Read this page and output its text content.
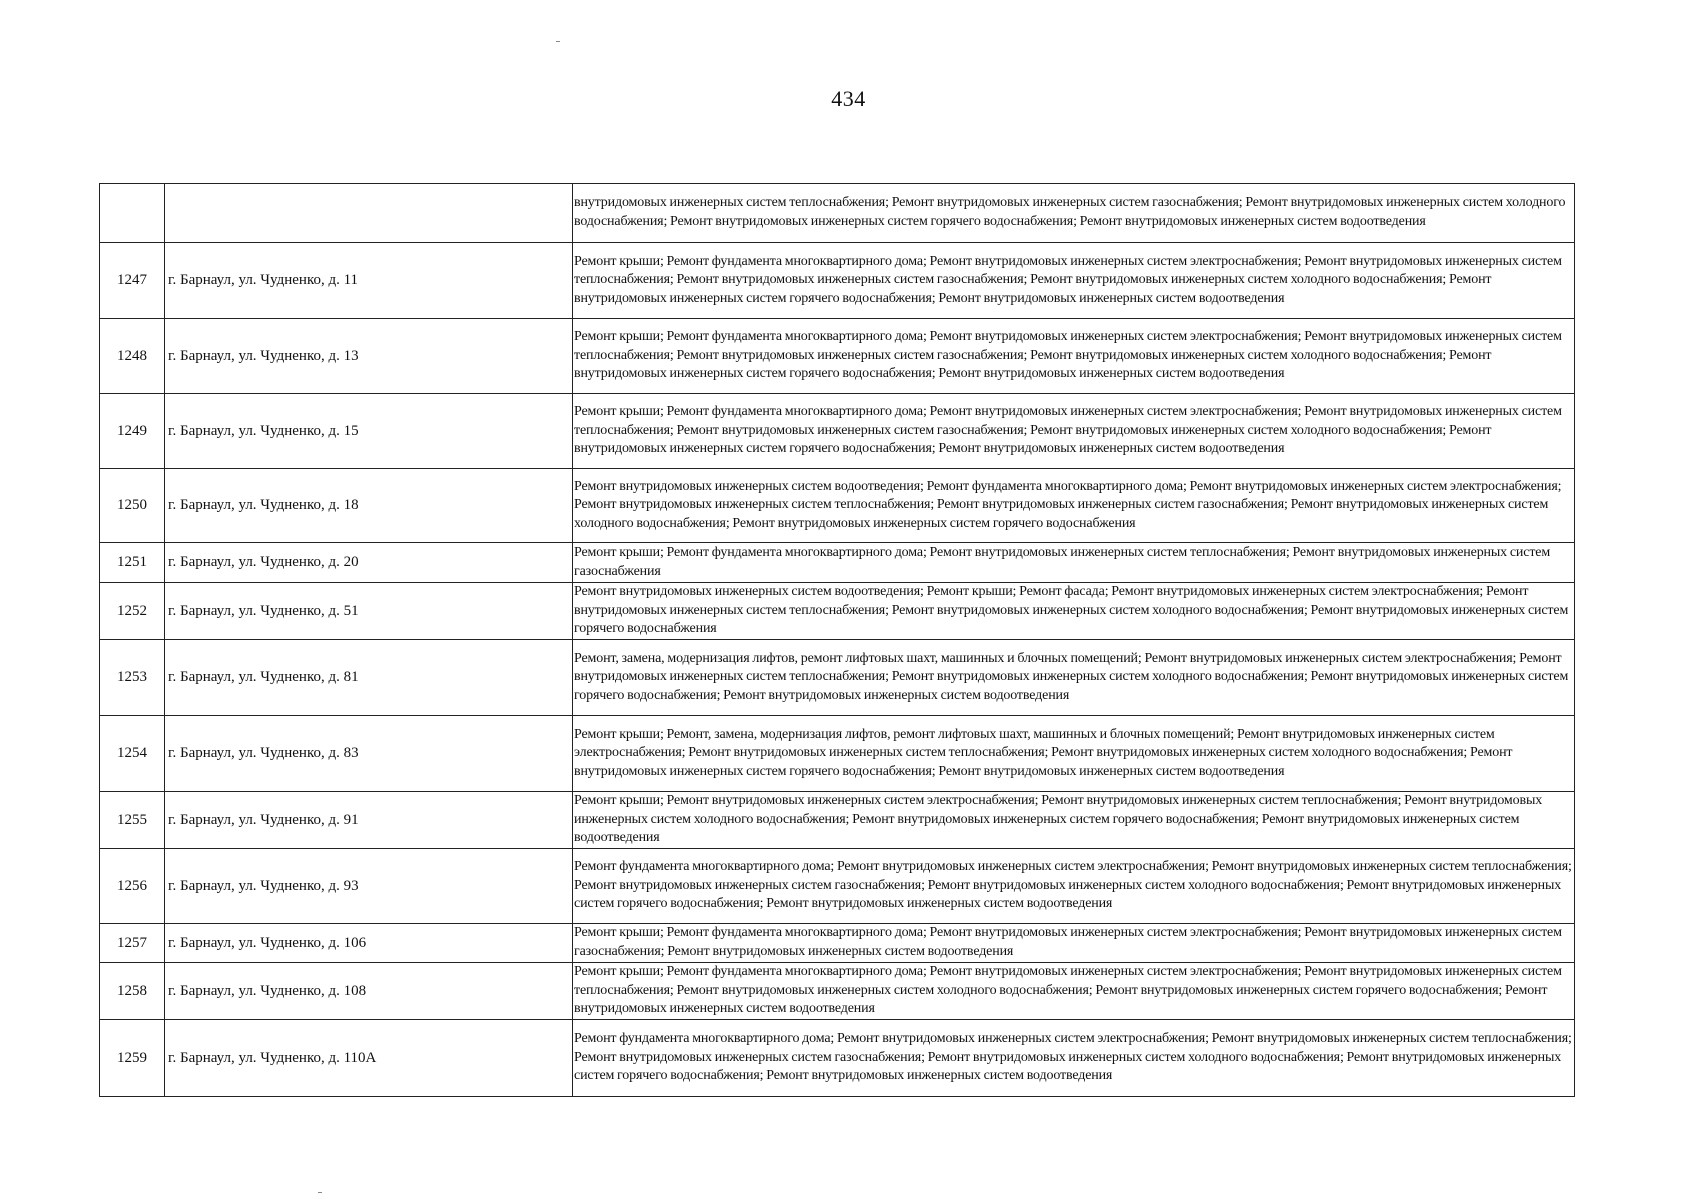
434
		внутридомовых инженерных систем теплоснабжения; Ремонт внутридомовых инженерных систем газоснабжения; Ремонт внутридомовых инженерных систем холодного водоснабжения; Ремонт внутридомовых инженерных систем горячего водоснабжения; Ремонт внутридомовых инженерных систем водоотведения
1247	г. Барнаул, ул. Чудненко, д. 11	Ремонт крыши; Ремонт фундамента многоквартирного дома; Ремонт внутридомовых инженерных систем электроснабжения; Ремонт внутридомовых инженерных систем теплоснабжения; Ремонт внутридомовых инженерных систем газоснабжения; Ремонт внутридомовых инженерных систем холодного водоснабжения; Ремонт внутридомовых инженерных систем горячего водоснабжения; Ремонт внутридомовых инженерных систем водоотведения
1248	г. Барнаул, ул. Чудненко, д. 13	Ремонт крыши; Ремонт фундамента многоквартирного дома; Ремонт внутридомовых инженерных систем электроснабжения; Ремонт внутридомовых инженерных систем теплоснабжения; Ремонт внутридомовых инженерных систем газоснабжения; Ремонт внутридомовых инженерных систем холодного водоснабжения; Ремонт внутридомовых инженерных систем горячего водоснабжения; Ремонт внутридомовых инженерных систем водоотведения
1249	г. Барнаул, ул. Чудненко, д. 15	Ремонт крыши; Ремонт фундамента многоквартирного дома; Ремонт внутридомовых инженерных систем электроснабжения; Ремонт внутридомовых инженерных систем теплоснабжения; Ремонт внутридомовых инженерных систем газоснабжения; Ремонт внутридомовых инженерных систем холодного водоснабжения; Ремонт внутридомовых инженерных систем горячего водоснабжения; Ремонт внутридомовых инженерных систем водоотведения
1250	г. Барнаул, ул. Чудненко, д. 18	Ремонт внутридомовых инженерных систем водоотведения; Ремонт фундамента многоквартирного дома; Ремонт внутридомовых инженерных систем электроснабжения; Ремонт внутридомовых инженерных систем теплоснабжения; Ремонт внутридомовых инженерных систем газоснабжения; Ремонт внутридомовых инженерных систем холодного водоснабжения; Ремонт внутридомовых инженерных систем горячего водоснабжения
1251	г. Барнаул, ул. Чудненко, д. 20	Ремонт крыши; Ремонт фундамента многоквартирного дома; Ремонт внутридомовых инженерных систем теплоснабжения; Ремонт внутридомовых инженерных систем газоснабжения
1252	г. Барнаул, ул. Чудненко, д. 51	Ремонт внутридомовых инженерных систем водоотведения; Ремонт крыши; Ремонт фасада; Ремонт внутридомовых инженерных систем электроснабжения; Ремонт внутридомовых инженерных систем теплоснабжения; Ремонт внутридомовых инженерных систем холодного водоснабжения; Ремонт внутридомовых инженерных систем горячего водоснабжения
1253	г. Барнаул, ул. Чудненко, д. 81	Ремонт, замена, модернизация лифтов, ремонт лифтовых шахт, машинных и блочных помещений; Ремонт внутридомовых инженерных систем электроснабжения; Ремонт внутридомовых инженерных систем теплоснабжения; Ремонт внутридомовых инженерных систем холодного водоснабжения; Ремонт внутридомовых инженерных систем горячего водоснабжения; Ремонт внутридомовых инженерных систем водоотведения
1254	г. Барнаул, ул. Чудненко, д. 83	Ремонт крыши; Ремонт, замена, модернизация лифтов, ремонт лифтовых шахт, машинных и блочных помещений; Ремонт внутридомовых инженерных систем электроснабжения; Ремонт внутридомовых инженерных систем теплоснабжения; Ремонт внутридомовых инженерных систем холодного водоснабжения; Ремонт внутридомовых инженерных систем горячего водоснабжения; Ремонт внутридомовых инженерных систем водоотведения
1255	г. Барнаул, ул. Чудненко, д. 91	Ремонт крыши; Ремонт внутридомовых инженерных систем электроснабжения; Ремонт внутридомовых инженерных систем теплоснабжения; Ремонт внутридомовых инженерных систем холодного водоснабжения; Ремонт внутридомовых инженерных систем горячего водоснабжения; Ремонт внутридомовых инженерных систем водоотведения
1256	г. Барнаул, ул. Чудненко, д. 93	Ремонт фундамента многоквартирного дома; Ремонт внутридомовых инженерных систем электроснабжения; Ремонт внутридомовых инженерных систем теплоснабжения; Ремонт внутридомовых инженерных систем газоснабжения; Ремонт внутридомовых инженерных систем холодного водоснабжения; Ремонт внутридомовых инженерных систем горячего водоснабжения; Ремонт внутридомовых инженерных систем водоотведения
1257	г. Барнаул, ул. Чудненко, д. 106	Ремонт крыши; Ремонт фундамента многоквартирного дома; Ремонт внутридомовых инженерных систем электроснабжения; Ремонт внутридомовых инженерных систем газоснабжения; Ремонт внутридомовых инженерных систем водоотведения
1258	г. Барнаул, ул. Чудненко, д. 108	Ремонт крыши; Ремонт фундамента многоквартирного дома; Ремонт внутридомовых инженерных систем электроснабжения; Ремонт внутридомовых инженерных систем теплоснабжения; Ремонт внутридомовых инженерных систем холодного водоснабжения; Ремонт внутридомовых инженерных систем горячего водоснабжения; Ремонт внутридомовых инженерных систем водоотведения
1259	г. Барнаул, ул. Чудненко, д. 110А	Ремонт фундамента многоквартирного дома; Ремонт внутридомовых инженерных систем электроснабжения; Ремонт внутридомовых инженерных систем теплоснабжения; Ремонт внутридомовых инженерных систем газоснабжения; Ремонт внутридомовых инженерных систем холодного водоснабжения; Ремонт внутридомовых инженерных систем горячего водоснабжения; Ремонт внутридомовых инженерных систем водоотведения
